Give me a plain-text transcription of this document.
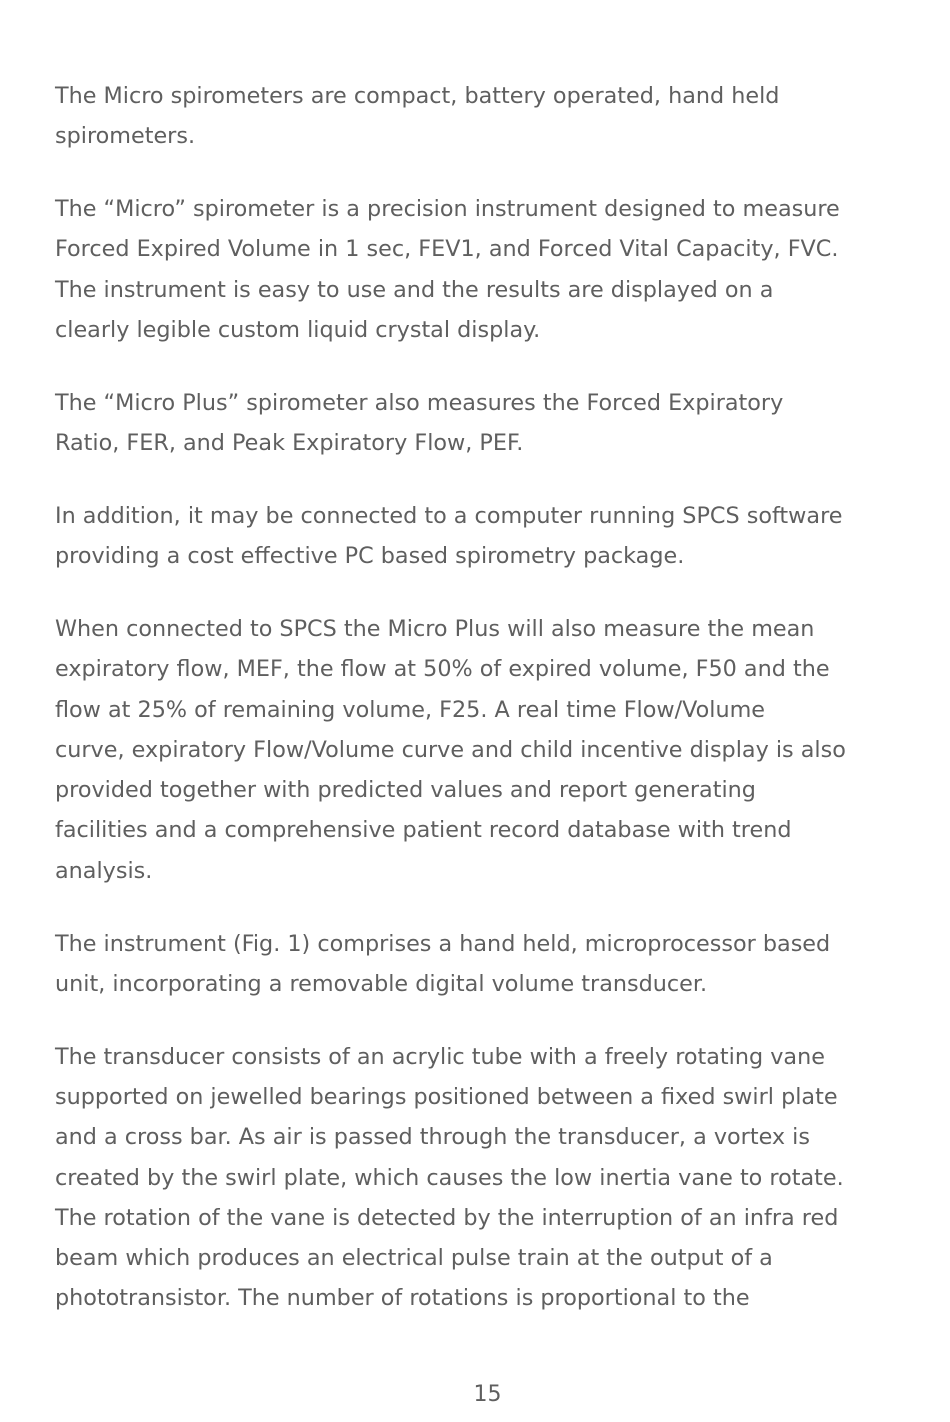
The Micro spirometers are compact, battery operated, hand held
spirometers.

The “Micro” spirometer is a precision instrument designed to measure
Forced Expired Volume in 1 sec, FEV1, and Forced Vital Capacity, FVC.
The instrument is easy to use and the results are displayed on a
clearly legible custom liquid crystal display.

The “Micro Plus” spirometer also measures the Forced Expiratory
Ratio, FER, and Peak Expiratory Flow, PEF.

In addition, it may be connected to a computer running SPCS software
providing a cost effective PC based spirometry package.

When connected to SPCS the Micro Plus will also measure the mean
expiratory flow, MEF, the flow at 50% of expired volume, F50 and the
flow at 25% of remaining volume, F25. A real time Flow/Volume
curve, expiratory Flow/Volume curve and child incentive display is also
provided together with predicted values and report generating
facilities and a comprehensive patient record database with trend
analysis.

The instrument (Fig. 1) comprises a hand held, microprocessor based
unit, incorporating a removable digital volume transducer.

The transducer consists of an acrylic tube with a freely rotating vane
supported on jewelled bearings positioned between a fixed swirl plate
and a cross bar. As air is passed through the transducer, a vortex is
created by the swirl plate, which causes the low inertia vane to rotate.
The rotation of the vane is detected by the interruption of an infra red
beam which produces an electrical pulse train at the output of a
phototransistor. The number of rotations is proportional to the

15
